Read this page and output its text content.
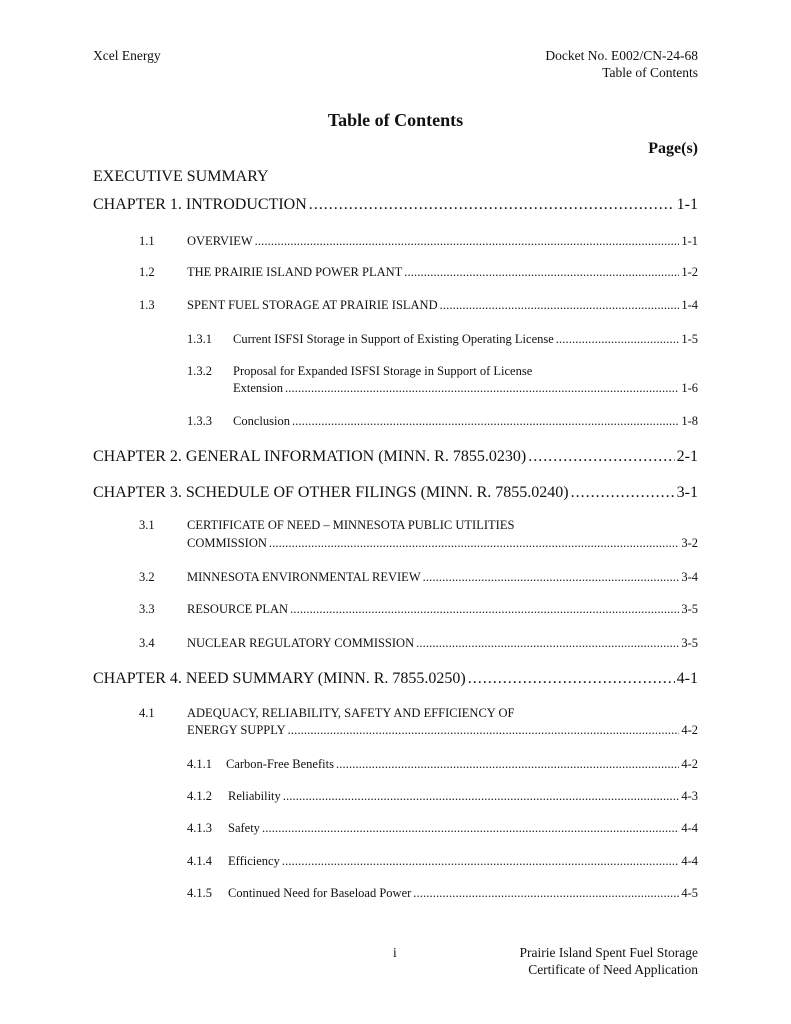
Xcel Energy	Docket No. E002/CN-24-68
Table of Contents
Table of Contents
Page(s)
EXECUTIVE SUMMARY
CHAPTER 1. INTRODUCTION . . .	1-1
1.1	OVERVIEW . . .	1-1
1.2	THE PRAIRIE ISLAND POWER PLANT . . .	1-2
1.3	SPENT FUEL STORAGE AT PRAIRIE ISLAND . . .	1-4
1.3.1 Current ISFSI Storage in Support of Existing Operating License . . .	1-5
1.3.2 Proposal for Expanded ISFSI Storage in Support of License
Extension . . .	1-6
1.3.3 Conclusion . . .	1-8
CHAPTER 2. GENERAL INFORMATION (MINN. R. 7855.0230) . . .	2-1
CHAPTER 3. SCHEDULE OF OTHER FILINGS (MINN. R. 7855.0240) . . .	3-1
3.1	CERTIFICATE OF NEED – MINNESOTA PUBLIC UTILITIES
COMMISSION . . .	3-2
3.2	MINNESOTA ENVIRONMENTAL REVIEW . . .	3-4
3.3	RESOURCE PLAN . . .	3-5
3.4	NUCLEAR REGULATORY COMMISSION . . .	3-5
CHAPTER 4. NEED SUMMARY (MINN. R. 7855.0250) . . .	4-1
4.1	ADEQUACY, RELIABILITY, SAFETY AND EFFICIENCY OF
ENERGY SUPPLY . . .	4-2
4.1.1 Carbon-Free Benefits . . .	4-2
4.1.2 Reliability . . .	4-3
4.1.3 Safety . . .	4-4
4.1.4 Efficiency . . .	4-4
4.1.5 Continued Need for Baseload Power . . .	4-5
i	Prairie Island Spent Fuel Storage
Certificate of Need Application
